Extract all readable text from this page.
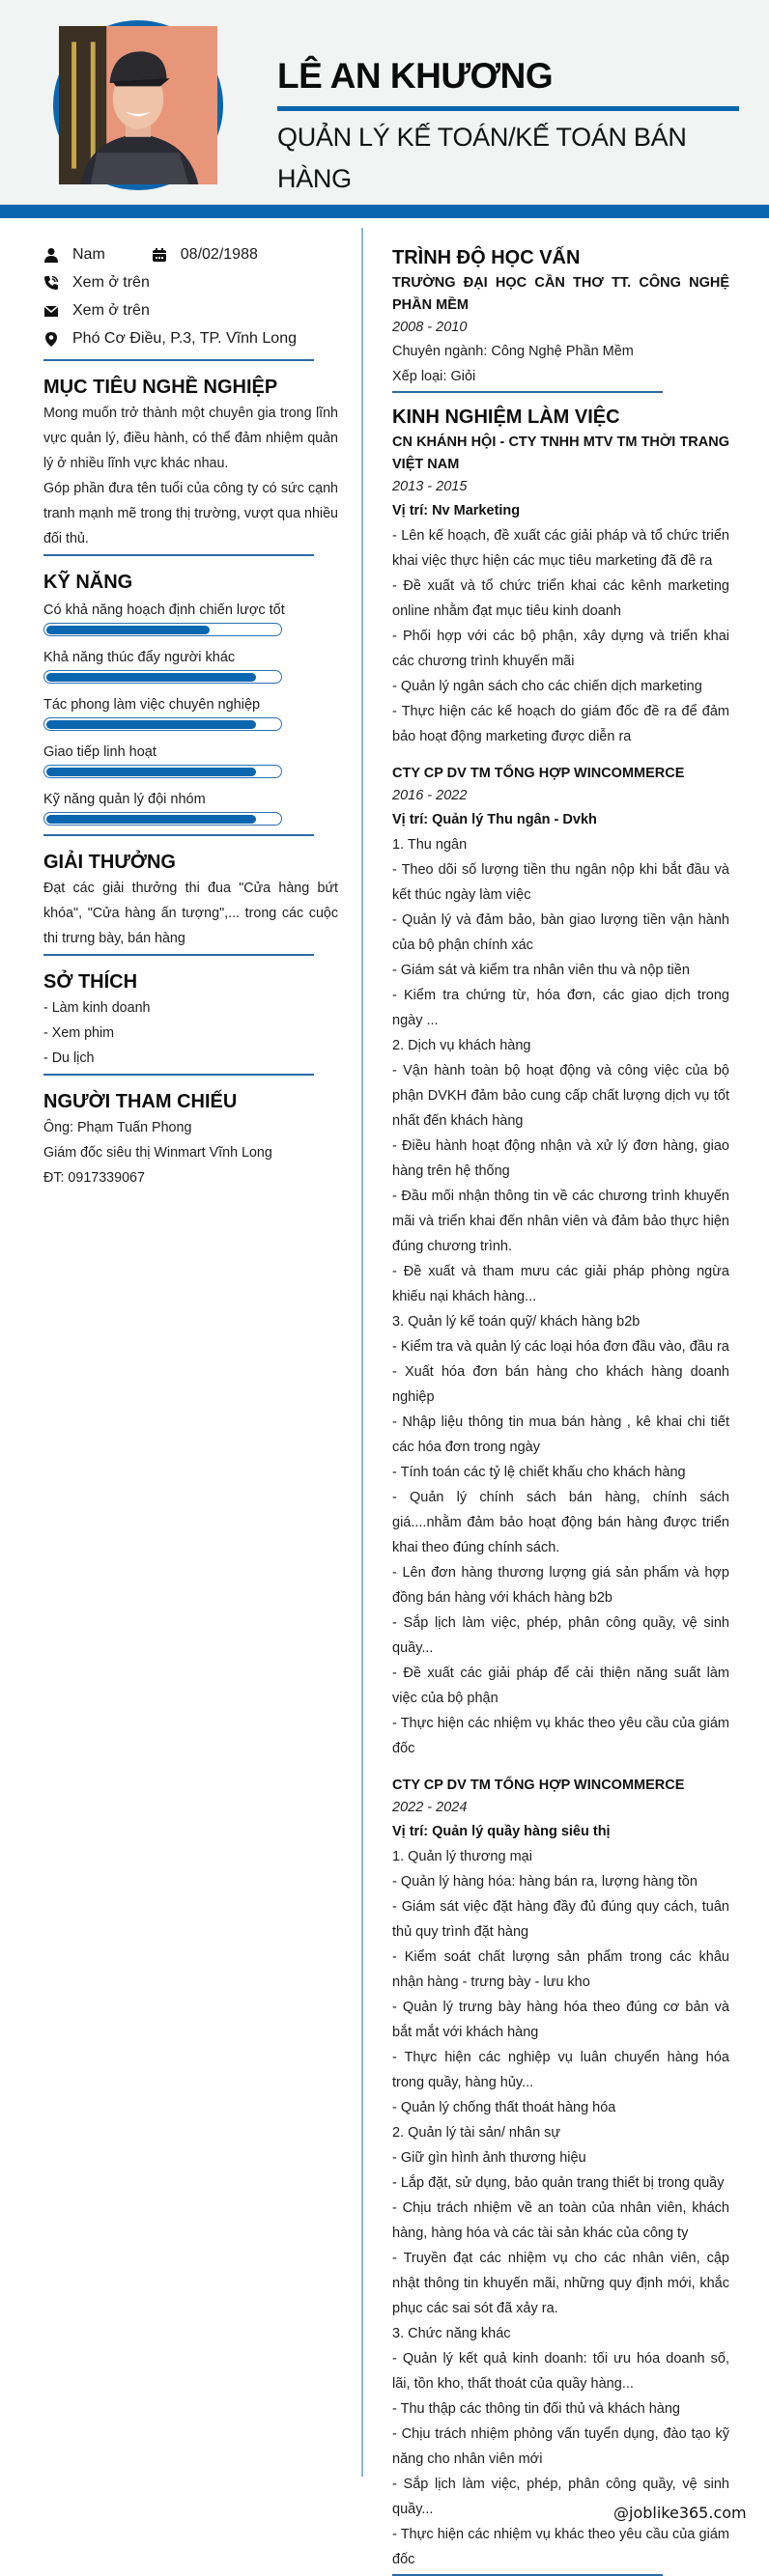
LÊ AN KHƯƠNG
QUẢN LÝ KẾ TOÁN/KẾ TOÁN BÁN HÀNG
Nam	08/02/1988
Xem ở trên
Xem ở trên
Phó Cơ Điều, P.3, TP. Vĩnh Long
MỤC TIÊU NGHỀ NGHIỆP
Mong muốn trở thành một chuyên gia trong lĩnh vực quản lý, điều hành, có thể đảm nhiệm quản lý ở nhiều lĩnh vực khác nhau.
Góp phần đưa tên tuổi của công ty có sức cạnh tranh mạnh mẽ trong thị trường, vượt qua nhiều đối thủ.
KỸ NĂNG
Có khả năng hoạch định chiến lược tốt
Khả năng thúc đẩy người khác
Tác phong làm việc chuyên nghiệp
Giao tiếp linh hoạt
Kỹ năng quản lý đội nhóm
GIẢI THƯỞNG
Đạt các giải thưởng thi đua "Cửa hàng bứt khóa", "Cửa hàng ấn tượng",... trong các cuộc thi trưng bày, bán hàng
SỞ THÍCH
- Làm kinh doanh
- Xem phim
- Du lịch
NGƯỜI THAM CHIẾU
Ông: Phạm Tuấn Phong
Giám đốc siêu thị Winmart Vĩnh Long
ĐT: 0917339067
TRÌNH ĐỘ HỌC VẤN
TRƯỜNG ĐẠI HỌC CẦN THƠ TT. CÔNG NGHỆ PHẦN MỀM
2008 - 2010
Chuyên ngành: Công Nghệ Phần Mềm
Xếp loại: Giỏi
KINH NGHIỆM LÀM VIỆC
CN KHÁNH HỘI - CTY TNHH MTV TM THỜI TRANG VIỆT NAM
2013 - 2015
Vị trí: Nv Marketing
- Lên kế hoạch, đề xuất các giải pháp và tổ chức triển khai việc thực hiện các mục tiêu marketing đã đề ra
- Đề xuất và tổ chức triển khai các kênh marketing online nhằm đạt mục tiêu kinh doanh
- Phối hợp với các bộ phận, xây dựng và triển khai các chương trình khuyến mãi
- Quản lý ngân sách cho các chiến dịch marketing
- Thực hiện các kế hoạch do giám đốc đề ra để đảm bảo hoạt động marketing được diễn ra
CTY CP DV TM TỔNG HỢP WINCOMMERCE
2016 - 2022
Vị trí: Quản lý Thu ngân - Dvkh
1. Thu ngân
- Theo dõi số lượng tiền thu ngân nộp khi bắt đầu và kết thúc ngày làm việc
- Quản lý và đảm bảo, bàn giao lượng tiền vận hành của bộ phận chính xác
- Giám sát và kiểm tra nhân viên thu và nộp tiền
- Kiểm tra chứng từ, hóa đơn, các giao dịch trong ngày ...
2. Dịch vụ khách hàng
- Vận hành toàn bộ hoạt động và công việc của bộ phận DVKH đảm bảo cung cấp chất lượng dịch vụ tốt nhất đến khách hàng
- Điều hành hoạt động nhận và xử lý đơn hàng, giao hàng trên hệ thống
- Đầu mối nhận thông tin về các chương trình khuyến mãi và triển khai đến nhân viên và đảm bảo thực hiện đúng chương trình.
- Đề xuất và tham mưu các giải pháp phòng ngừa khiếu nại khách hàng...
3. Quản lý kế toán quỹ/ khách hàng b2b
- Kiểm tra và quản lý các loại hóa đơn đầu vào, đầu ra
- Xuất hóa đơn bán hàng cho khách hàng doanh nghiệp
- Nhập liệu thông tin mua bán hàng , kê khai chi tiết các hóa đơn trong ngày
- Tính toán các tỷ lệ chiết khấu cho khách hàng
- Quản lý chính sách bán hàng, chính sách giá....nhằm đảm bảo hoạt động bán hàng được triển khai theo đúng chính sách.
- Lên đơn hàng thương lượng giá sản phẩm và hợp đồng bán hàng với khách hàng b2b
- Sắp lịch làm việc, phép, phân công quầy, vệ sinh quầy...
- Đề xuất các giải pháp để cải thiện năng suất làm việc của bộ phận
- Thực hiện các nhiệm vụ khác theo yêu cầu của giám đốc
CTY CP DV TM TỔNG HỢP WINCOMMERCE
2022 - 2024
Vị trí: Quản lý quầy hàng siêu thị
1. Quản lý thương mại
- Quản lý hàng hóa: hàng bán ra, lượng hàng tồn
- Giám sát việc đặt hàng đầy đủ đúng quy cách, tuân thủ quy trình đặt hàng
- Kiểm soát chất lượng sản phẩm trong các khâu nhận hàng - trưng bày - lưu kho
- Quản lý trưng bày hàng hóa theo đúng cơ bản và bắt mắt với khách hàng
- Thực hiện các nghiệp vụ luân chuyển hàng hóa trong quầy, hàng hủy...
- Quản lý chống thất thoát hàng hóa
2. Quản lý tài sản/ nhân sự
- Giữ gìn hình ảnh thương hiệu
- Lắp đặt, sử dụng, bảo quản trang thiết bị trong quầy
- Chịu trách nhiệm về an toàn của nhân viên, khách hàng, hàng hóa và các tài sản khác của công ty
- Truyền đạt các nhiệm vụ cho các nhân viên, cập nhật thông tin khuyến mãi, những quy định mới, khắc phục các sai sót đã xảy ra.
3. Chức năng khác
- Quản lý kết quả kinh doanh: tối ưu hóa doanh số, lãi, tồn kho, thất thoát của quầy hàng...
- Thu thập các thông tin đối thủ và khách hàng
- Chịu trách nhiệm phỏng vấn tuyển dụng, đào tạo kỹ năng cho nhân viên mới
- Sắp lịch làm việc, phép, phân công quầy, vệ sinh quầy...
- Thực hiện các nhiệm vụ khác theo yêu cầu của giám đốc
@joblike365.com
